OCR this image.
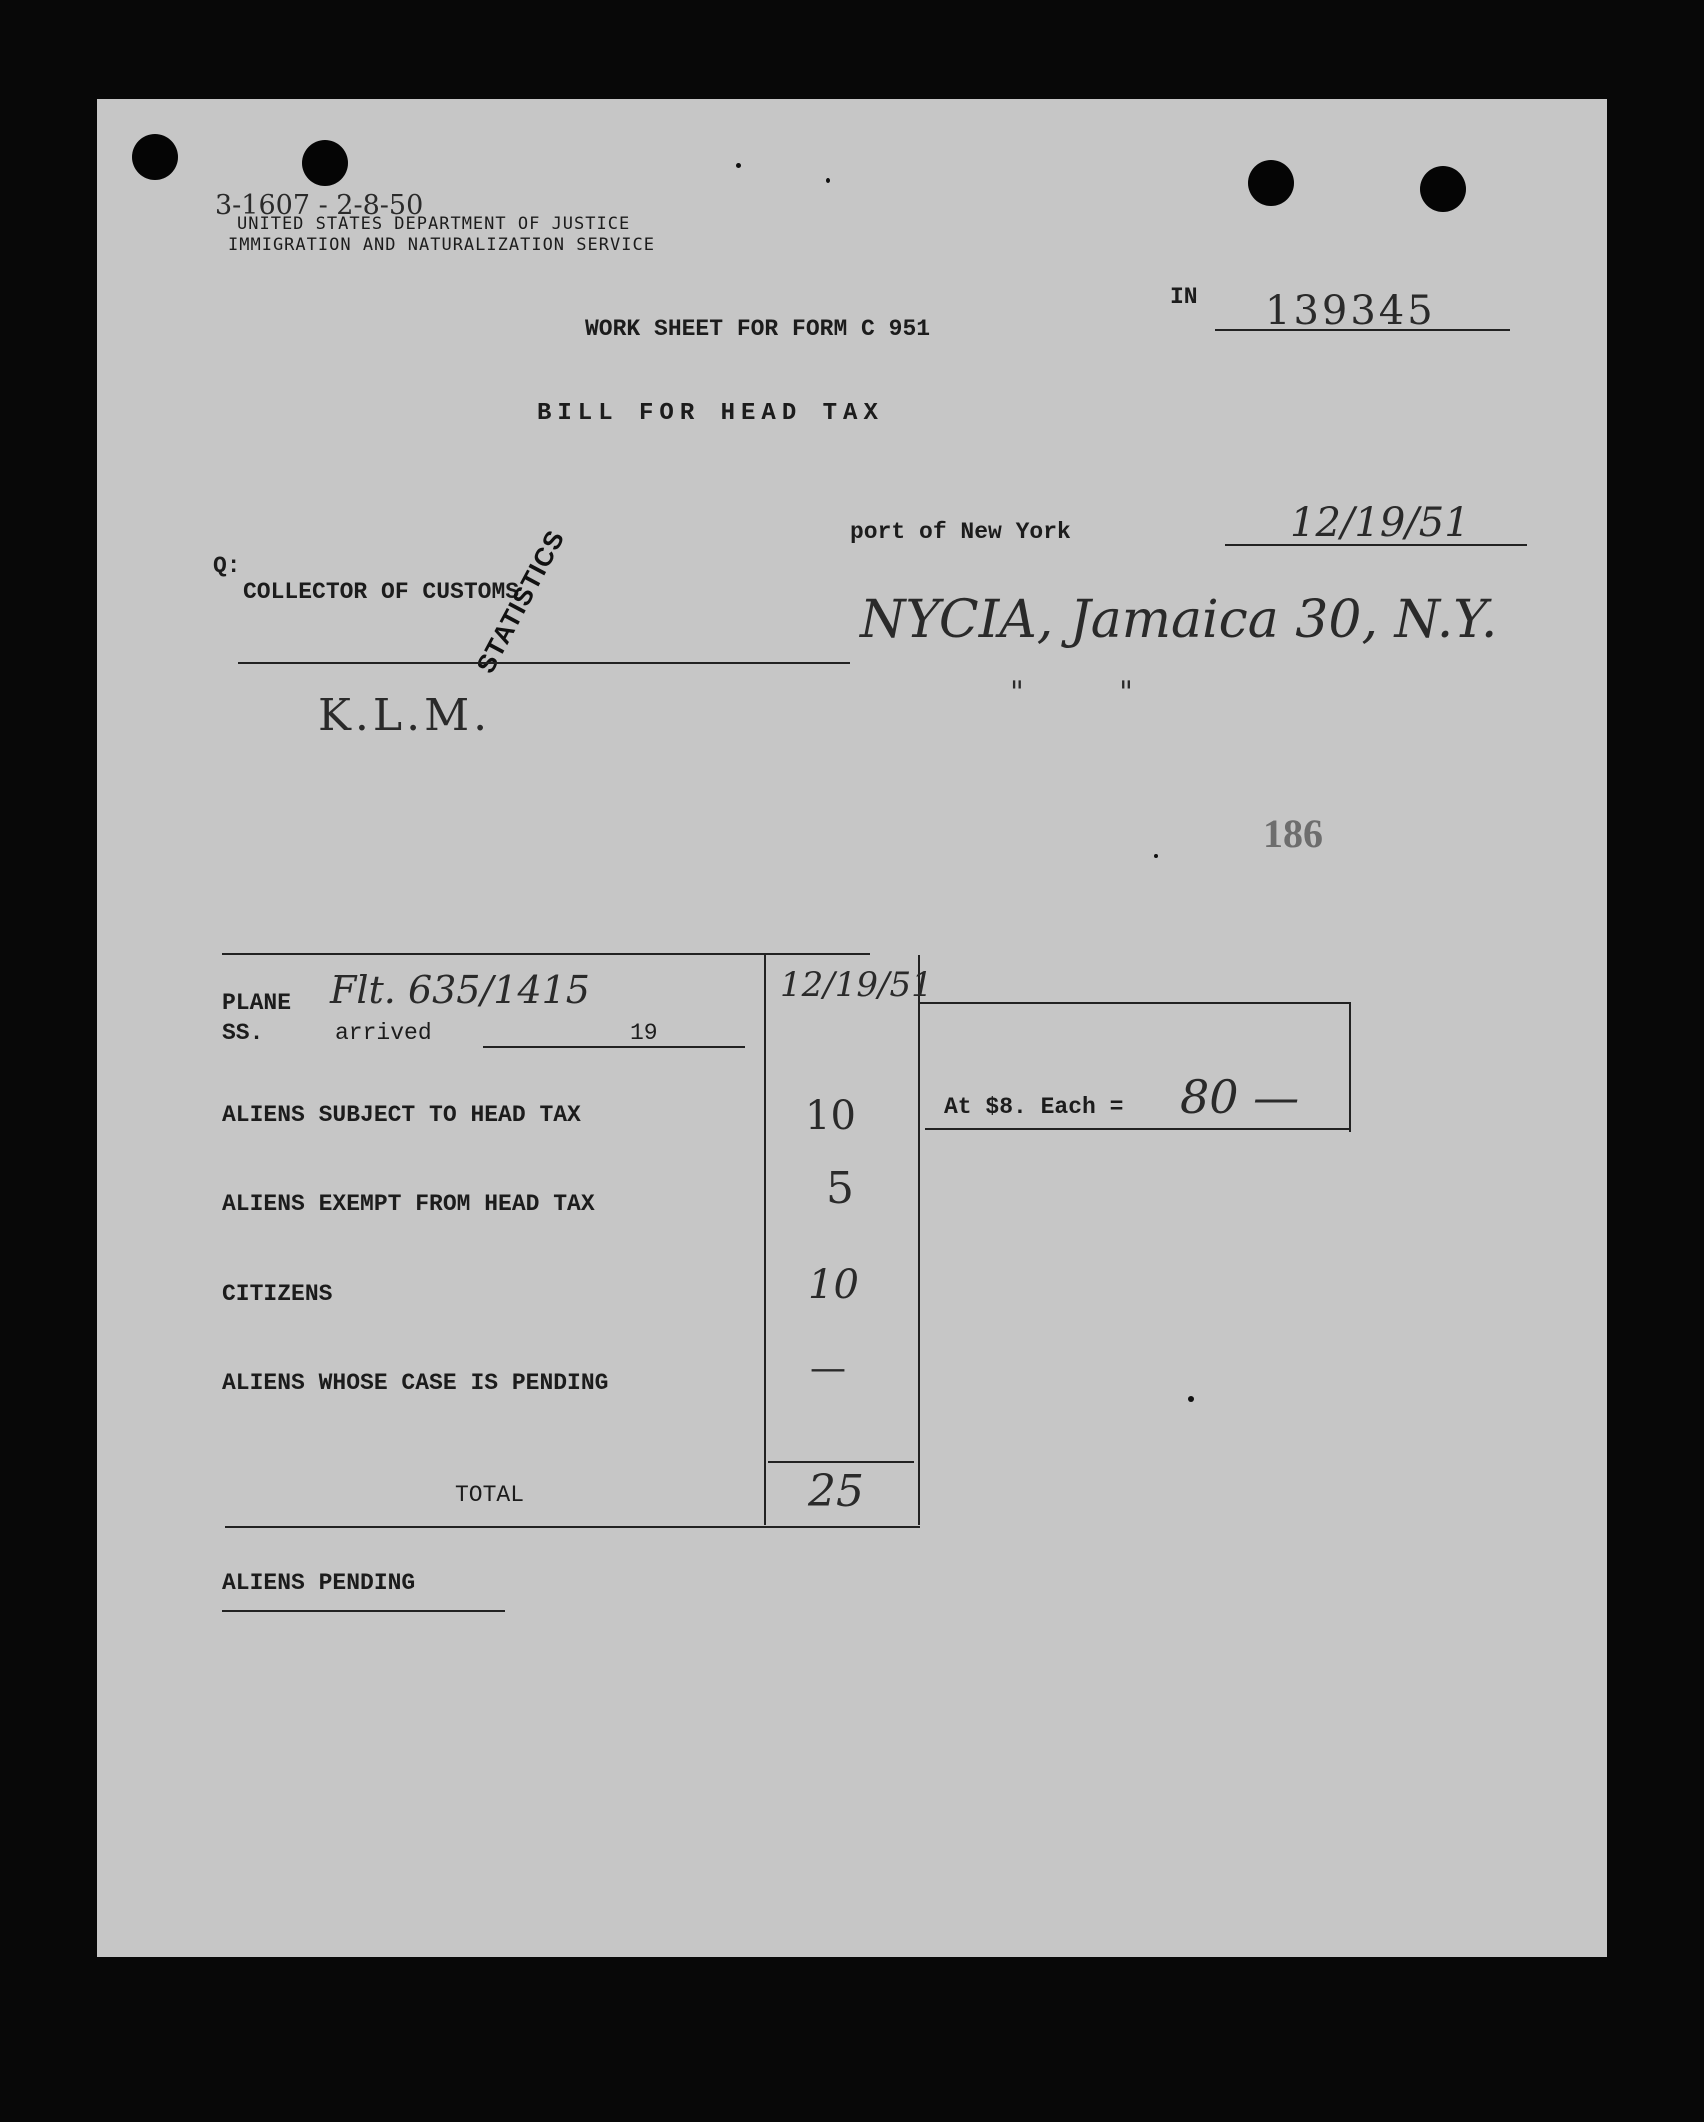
3-1607 - 2-8-50
UNITED STATES DEPARTMENT OF JUSTICE
IMMIGRATION AND NATURALIZATION SERVICE
IN 139345
WORK SHEET FOR FORM C 951
BILL FOR HEAD TAX
port of New York	12/19/51
Q:
COLLECTOR OF CUSTOMS
STATISTICS	NYCIA, Jamaica 30, N.Y.
"          "
K.L.M.
186
PLANE
SS.	arrived	19
Flt. 635/1415	12/19/51
ALIENS SUBJECT TO HEAD TAX	10
ALIENS EXEMPT FROM HEAD TAX	5
CITIZENS	10
ALIENS WHOSE CASE IS PENDING	—
TOTAL	25
At $8. Each = 80 —
ALIENS PENDING
